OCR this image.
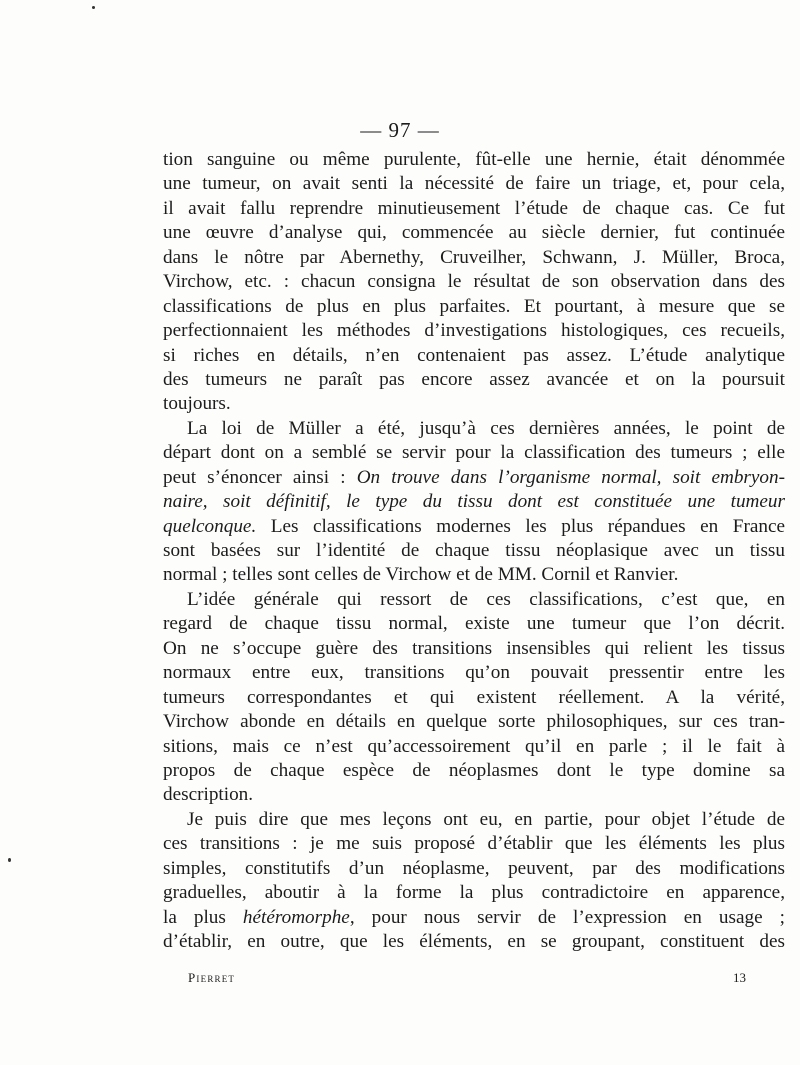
— 97 —
tion sanguine ou même purulente, fût-elle une hernie, était dénommée
une tumeur, on avait senti la nécessité de faire un triage, et, pour cela,
il avait fallu reprendre minutieusement l’étude de chaque cas. Ce fut
une œuvre d’analyse qui, commencée au siècle dernier, fut continuée
dans le nôtre par Abernethy, Cruveilher, Schwann, J. Müller, Broca,
Virchow, etc. : chacun consigna le résultat de son observation dans des
classifications de plus en plus parfaites. Et pourtant, à mesure que se
perfectionnaient les méthodes d’investigations histologiques, ces recueils,
si riches en détails, n’en contenaient pas assez. L’étude analytique
des tumeurs ne paraît pas encore assez avancée et on la poursuit
toujours.
La loi de Müller a été, jusqu’à ces dernières années, le point de
départ dont on a semblé se servir pour la classification des tumeurs ; elle
peut s’énoncer ainsi : On trouve dans l’organisme normal, soit embryon-
naire, soit définitif, le type du tissu dont est constituée une tumeur
quelconque. Les classifications modernes les plus répandues en France
sont basées sur l’identité de chaque tissu néoplasique avec un tissu
normal ; telles sont celles de Virchow et de MM. Cornil et Ranvier.
L’idée générale qui ressort de ces classifications, c’est que, en
regard de chaque tissu normal, existe une tumeur que l’on décrit.
On ne s’occupe guère des transitions insensibles qui relient les tissus
normaux entre eux, transitions qu’on pouvait pressentir entre les
tumeurs correspondantes et qui existent réellement. A la vérité,
Virchow abonde en détails en quelque sorte philosophiques, sur ces tran-
sitions, mais ce n’est qu’accessoirement qu’il en parle ; il le fait à
propos de chaque espèce de néoplasmes dont le type domine sa
description.
Je puis dire que mes leçons ont eu, en partie, pour objet l’étude de
ces transitions : je me suis proposé d’établir que les éléments les plus
simples, constitutifs d’un néoplasme, peuvent, par des modifications
graduelles, aboutir à la forme la plus contradictoire en apparence,
la plus hétéromorphe, pour nous servir de l’expression en usage ;
d’établir, en outre, que les éléments, en se groupant, constituent des
Pierret	13
